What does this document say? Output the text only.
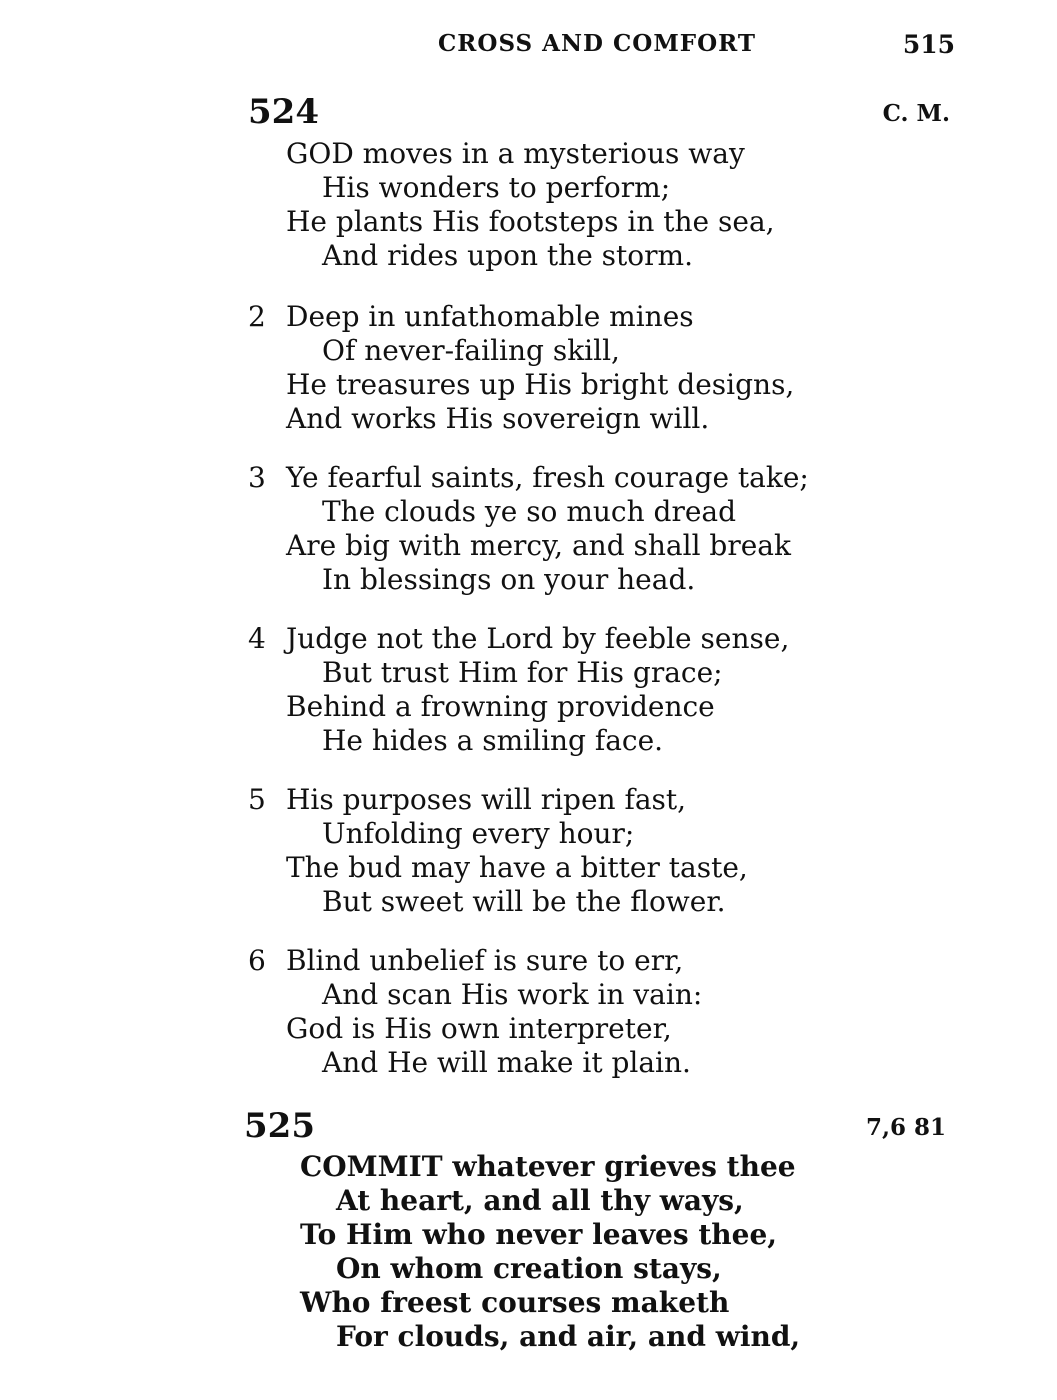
CROSS AND COMFORT	515
524	C. M.
GOD moves in a mysterious way
His wonders to perform;
He plants His footsteps in the sea,
And rides upon the storm.
2 Deep in unfathomable mines
Of never-failing skill,
He treasures up His bright designs,
And works His sovereign will.
3 Ye fearful saints, fresh courage take;
The clouds ye so much dread
Are big with mercy, and shall break
In blessings on your head.
4 Judge not the Lord by feeble sense,
But trust Him for His grace;
Behind a frowning providence
He hides a smiling face.
5 His purposes will ripen fast,
Unfolding every hour;
The bud may have a bitter taste,
But sweet will be the flower.
6 Blind unbelief is sure to err,
And scan His work in vain:
God is His own interpreter,
And He will make it plain.
525	7,6 81
COMMIT whatever grieves thee
At heart, and all thy ways,
To Him who never leaves thee,
On whom creation stays,
Who freest courses maketh
For clouds, and air, and wind,
